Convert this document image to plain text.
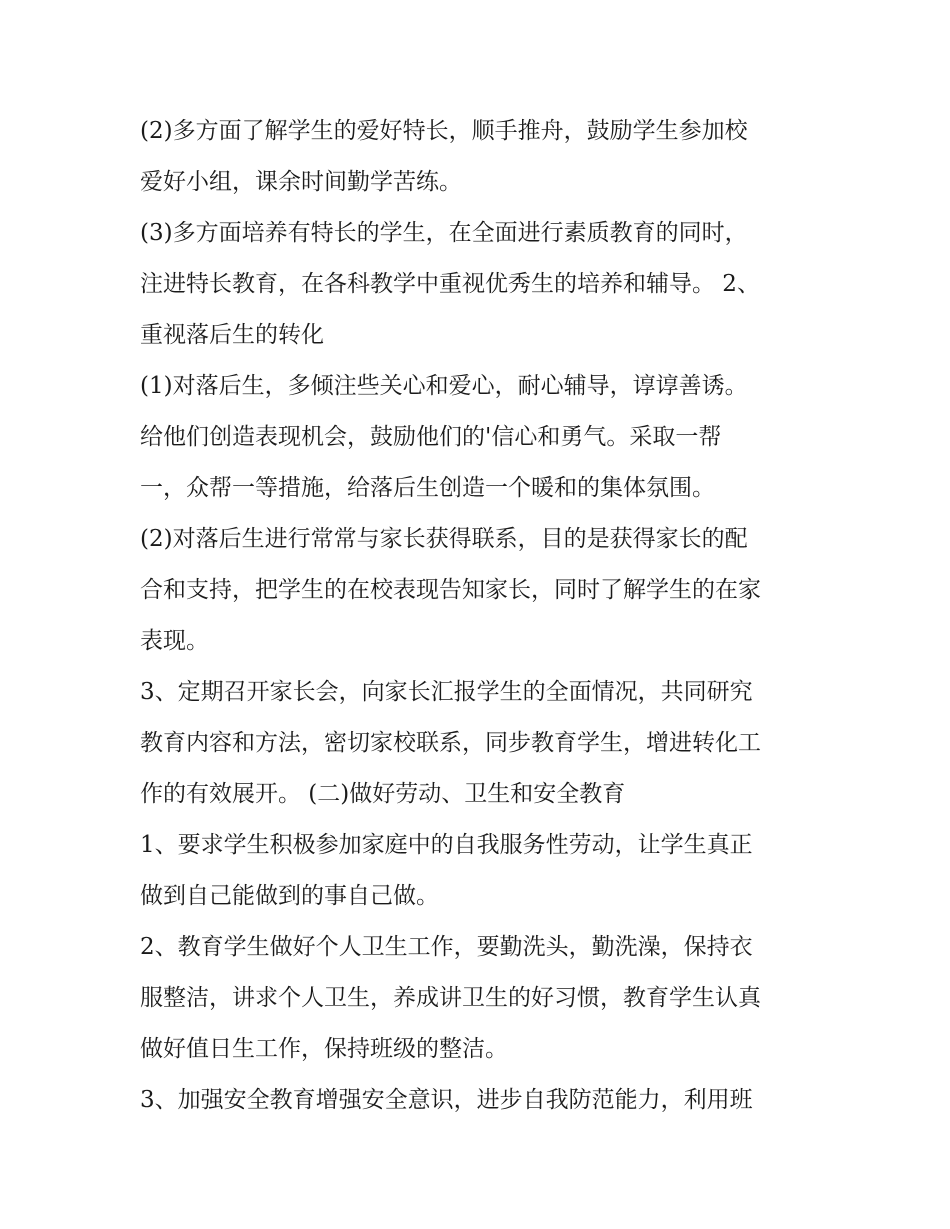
(2)多方面了解学生的爱好特长，顺手推舟，鼓励学生参加校
爱好小组，课余时间勤学苦练。
(3)多方面培养有特长的学生，在全面进行素质教育的同时，
注进特长教育，在各科教学中重视优秀生的培养和辅导。 2、
重视落后生的转化
(1)对落后生，多倾注些关心和爱心，耐心辅导，谆谆善诱。
给他们创造表现机会，鼓励他们的'信心和勇气。采取一帮
一，众帮一等措施，给落后生创造一个暖和的集体氛围。
(2)对落后生进行常常与家长获得联系，目的是获得家长的配
合和支持，把学生的在校表现告知家长，同时了解学生的在家
表现。
3、定期召开家长会，向家长汇报学生的全面情况，共同研究
教育内容和方法，密切家校联系，同步教育学生，增进转化工
作的有效展开。 (二)做好劳动、卫生和安全教育
1、要求学生积极参加家庭中的自我服务性劳动，让学生真正
做到自己能做到的事自己做。
2、教育学生做好个人卫生工作，要勤洗头，勤洗澡，保持衣
服整洁，讲求个人卫生，养成讲卫生的好习惯，教育学生认真
做好值日生工作，保持班级的整洁。
3、加强安全教育增强安全意识，进步自我防范能力，利用班
